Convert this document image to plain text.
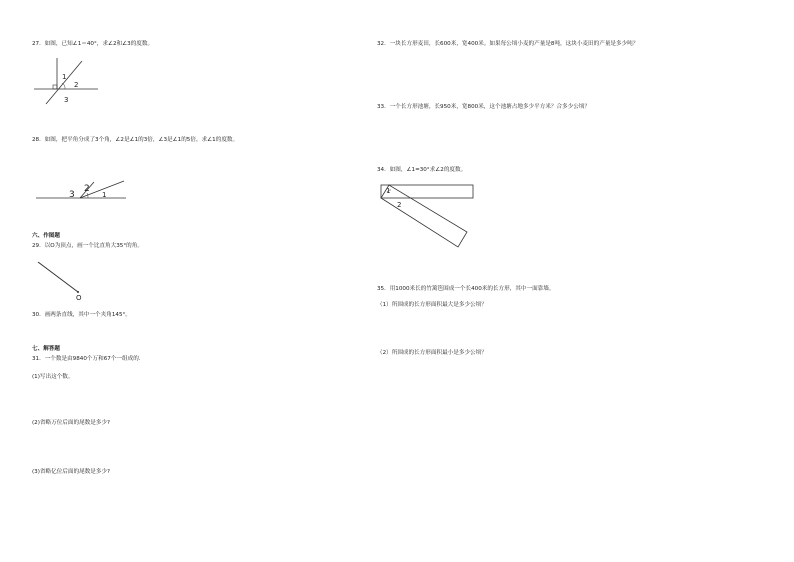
27．如图，已知∠1＝40°，求∠2和∠3的度数。
1
2
3
28．如图，把平角分成了3个角，∠2是∠1的3倍，∠3是∠1的5倍，求∠1的度数。
3
2
1
六、作图题
29．以O为顶点，画一个比直角大35°的角。
O
30．画两条直线，其中一个夹角145°。
七、解答题
31．一个数是由9840个万和67个一组成的.
(1)写出这个数。
(2)省略万位后面的尾数是多少?
(3)省略亿位后面的尾数是多少?
32．一块长方形麦田，长600米，宽400米。如果每公顷小麦的产量是8吨，这块小麦田的产量是多少吨？
33．一个长方形池塘，长950米，宽800米，这个池塘占地多少平方米？合多少公顷？
34．如图，∠1=30°求∠2的度数。
1
2
35．用1000米长的竹篱笆围成一个长400米的长方形，其中一面靠墙。
（1）所围成的长方形面积最大是多少公顷？
（2）所围成的长方形面积最小是多少公顷？
